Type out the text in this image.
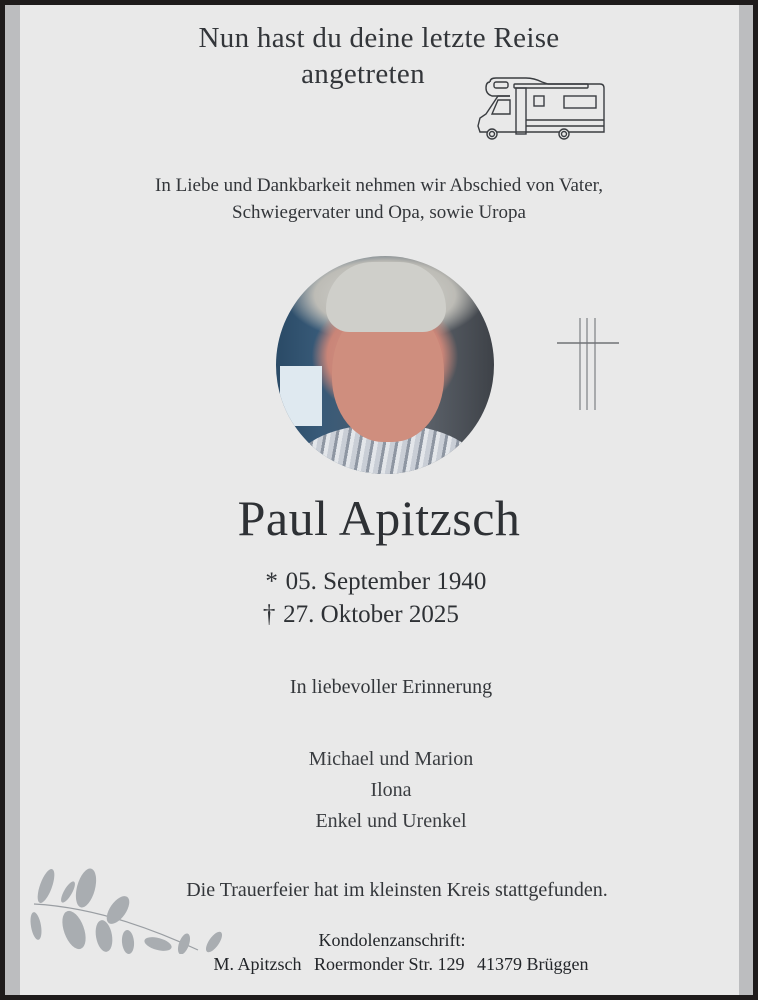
Nun hast du deine letzte Reise
angetreten
In Liebe und Dankbarkeit nehmen wir Abschied von Vater,
Schwiegervater und Opa, sowie Uropa
Paul Apitzsch
* 05. September 1940
† 27. Oktober 2025
In liebevoller Erinnerung
Michael und Marion
Ilona
Enkel und Urenkel
Die Trauerfeier hat im kleinsten Kreis stattgefunden.
Kondolenzanschrift:
M. Apitzsch Roermonder Str. 129 41379 Brüggen
